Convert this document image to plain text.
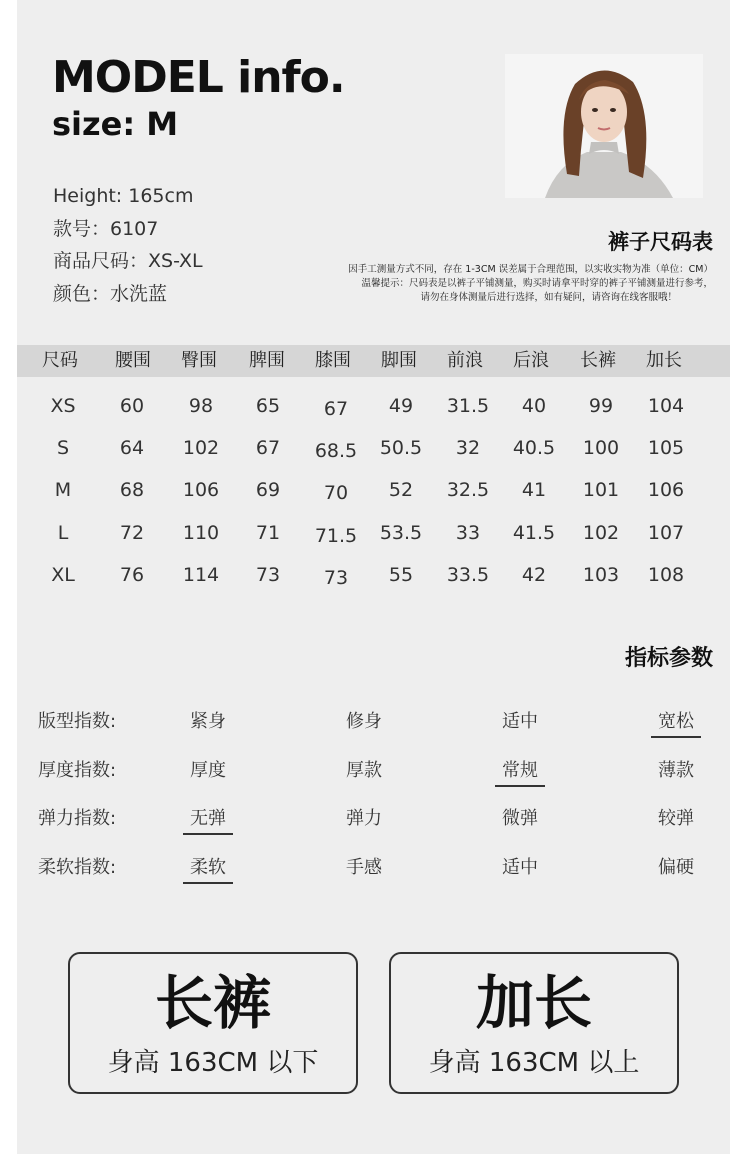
MODEL info.
size: M
Height: 165cm
款号：6107
商品尺码：XS-XL
颜色：水洗蓝
裤子尺码表
因手工测量方式不同，存在 1-3CM 误差属于合理范围，以实收实物为准（单位：CM）
温馨提示：尺码表是以裤子平铺测量，购买时请拿平时穿的裤子平铺测量进行参考，
请勿在身体测量后进行选择，如有疑问，请咨询在线客服哦！
尺码 腰围 臀围 脾围 膝围 脚围 前浪 后浪 长裤 加长
XS 60 98 65 67 49 31.5 40 99 104
S	64 102 67 68.5 50.5 32 40.5 100 105
M	68 106 69 70 52 32.5 41 101 106
L	72 110 71 71.5 53.5 33 41.5 102 107
XL 76 114 73 73 55 33.5 42 103 108
指标参数
版型指数:	紧身	修身	适中	宽松
厚度指数:	厚度	厚款	常规	薄款
弹力指数:	无弹	弹力	微弹	较弹
柔软指数:	柔软	手感	适中	偏硬
长裤
身高 163CM 以下
加长
身高 163CM 以上
